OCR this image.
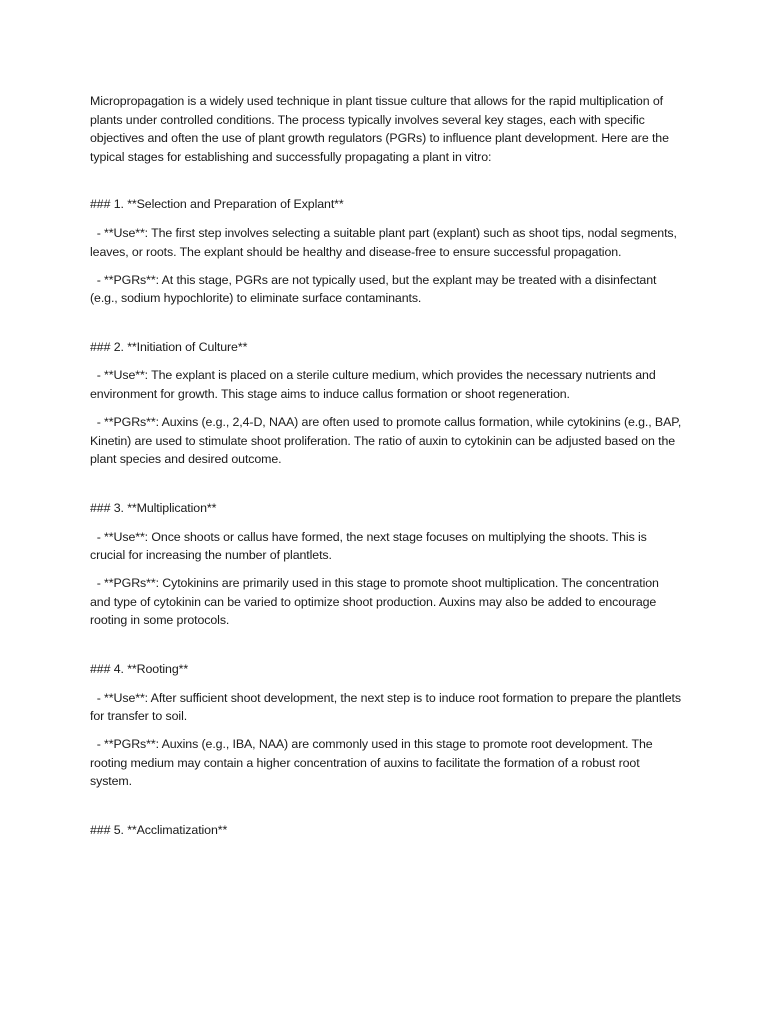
Micropropagation is a widely used technique in plant tissue culture that allows for the rapid multiplication of plants under controlled conditions. The process typically involves several key stages, each with specific objectives and often the use of plant growth regulators (PGRs) to influence plant development. Here are the typical stages for establishing and successfully propagating a plant in vitro:

### 1. **Selection and Preparation of Explant**

- **Use**: The first step involves selecting a suitable plant part (explant) such as shoot tips, nodal segments, leaves, or roots. The explant should be healthy and disease-free to ensure successful propagation.

- **PGRs**: At this stage, PGRs are not typically used, but the explant may be treated with a disinfectant (e.g., sodium hypochlorite) to eliminate surface contaminants.

### 2. **Initiation of Culture**

- **Use**: The explant is placed on a sterile culture medium, which provides the necessary nutrients and environment for growth. This stage aims to induce callus formation or shoot regeneration.

- **PGRs**: Auxins (e.g., 2,4-D, NAA) are often used to promote callus formation, while cytokinins (e.g., BAP, Kinetin) are used to stimulate shoot proliferation. The ratio of auxin to cytokinin can be adjusted based on the plant species and desired outcome.

### 3. **Multiplication**

- **Use**: Once shoots or callus have formed, the next stage focuses on multiplying the shoots. This is crucial for increasing the number of plantlets.

- **PGRs**: Cytokinins are primarily used in this stage to promote shoot multiplication. The concentration and type of cytokinin can be varied to optimize shoot production. Auxins may also be added to encourage rooting in some protocols.

### 4. **Rooting**

- **Use**: After sufficient shoot development, the next step is to induce root formation to prepare the plantlets for transfer to soil.

- **PGRs**: Auxins (e.g., IBA, NAA) are commonly used in this stage to promote root development. The rooting medium may contain a higher concentration of auxins to facilitate the formation of a robust root system.

### 5. **Acclimatization**
